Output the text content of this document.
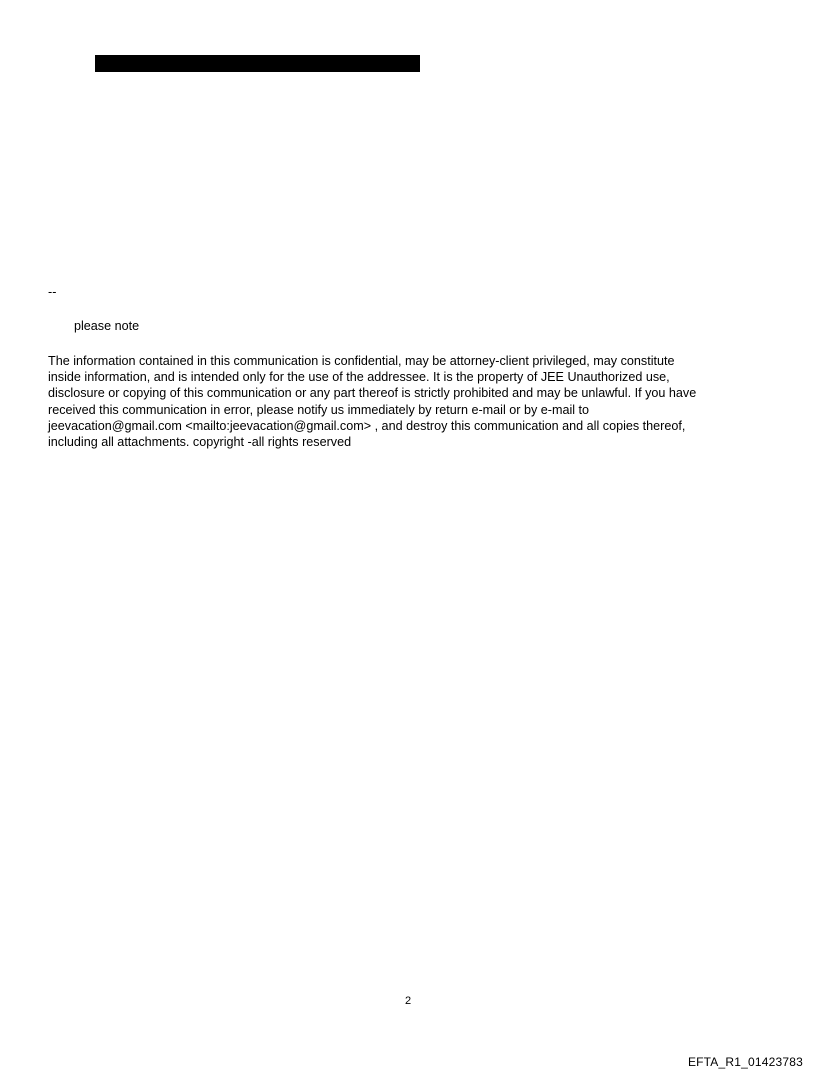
--
please note
The information contained in this communication is confidential, may be attorney-client privileged, may constitute
inside information, and is intended only for the use of the addressee. It is the property of JEE Unauthorized use,
disclosure or copying of this communication or any part thereof is strictly prohibited and may be unlawful. If you have
received this communication in error, please notify us immediately by return e-mail or by e-mail to
jeevacation@gmail.com <mailto:jeevacation@gmail.com> , and destroy this communication and all copies thereof,
including all attachments. copyright -all rights reserved
2
EFTA_R1_01423783
